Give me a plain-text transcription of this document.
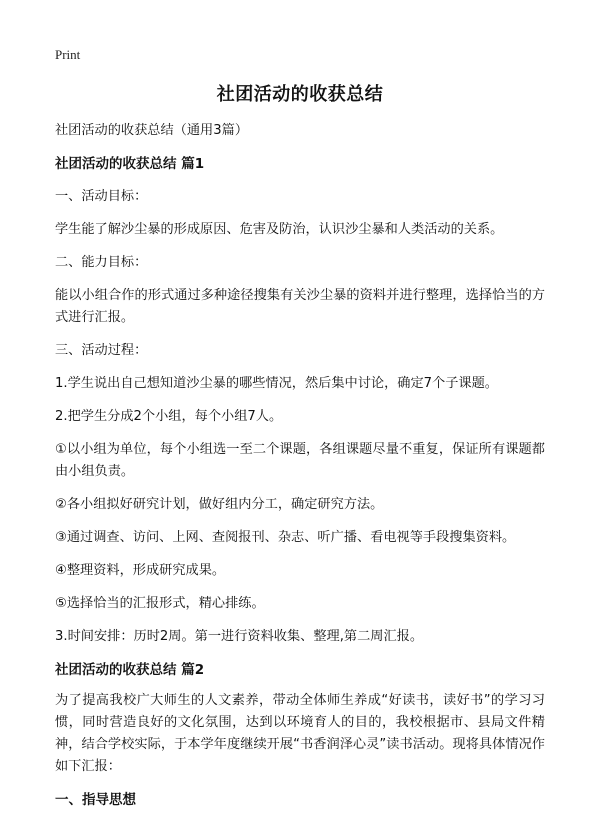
Print

社团活动的收获总结

社团活动的收获总结（通用3篇）

社团活动的收获总结 篇1

一、活动目标：

学生能了解沙尘暴的形成原因、危害及防治，认识沙尘暴和人类活动的关系。

二、能力目标：

能以小组合作的形式通过多种途径搜集有关沙尘暴的资料并进行整理，选择恰当的方式进行汇报。

三、活动过程：

1.学生说出自己想知道沙尘暴的哪些情况，然后集中讨论，确定7个子课题。

2.把学生分成2个小组，每个小组7人。

①以小组为单位，每个小组选一至二个课题，各组课题尽量不重复，保证所有课题都由小组负责。

②各小组拟好研究计划，做好组内分工，确定研究方法。

③通过调查、访问、上网、查阅报刊、杂志、听广播、看电视等手段搜集资料。

④整理资料，形成研究成果。

⑤选择恰当的汇报形式，精心排练。

3.时间安排：历时2周。第一进行资料收集、整理,第二周汇报。

社团活动的收获总结 篇2

为了提高我校广大师生的人文素养，带动全体师生养成“好读书，读好书”的学习习惯，同时营造良好的文化氛围，达到以环境育人的目的，我校根据市、县局文件精神，结合学校实际，于本学年度继续开展“书香润泽心灵”读书活动。现将具体情况作如下汇报：

一、指导思想
